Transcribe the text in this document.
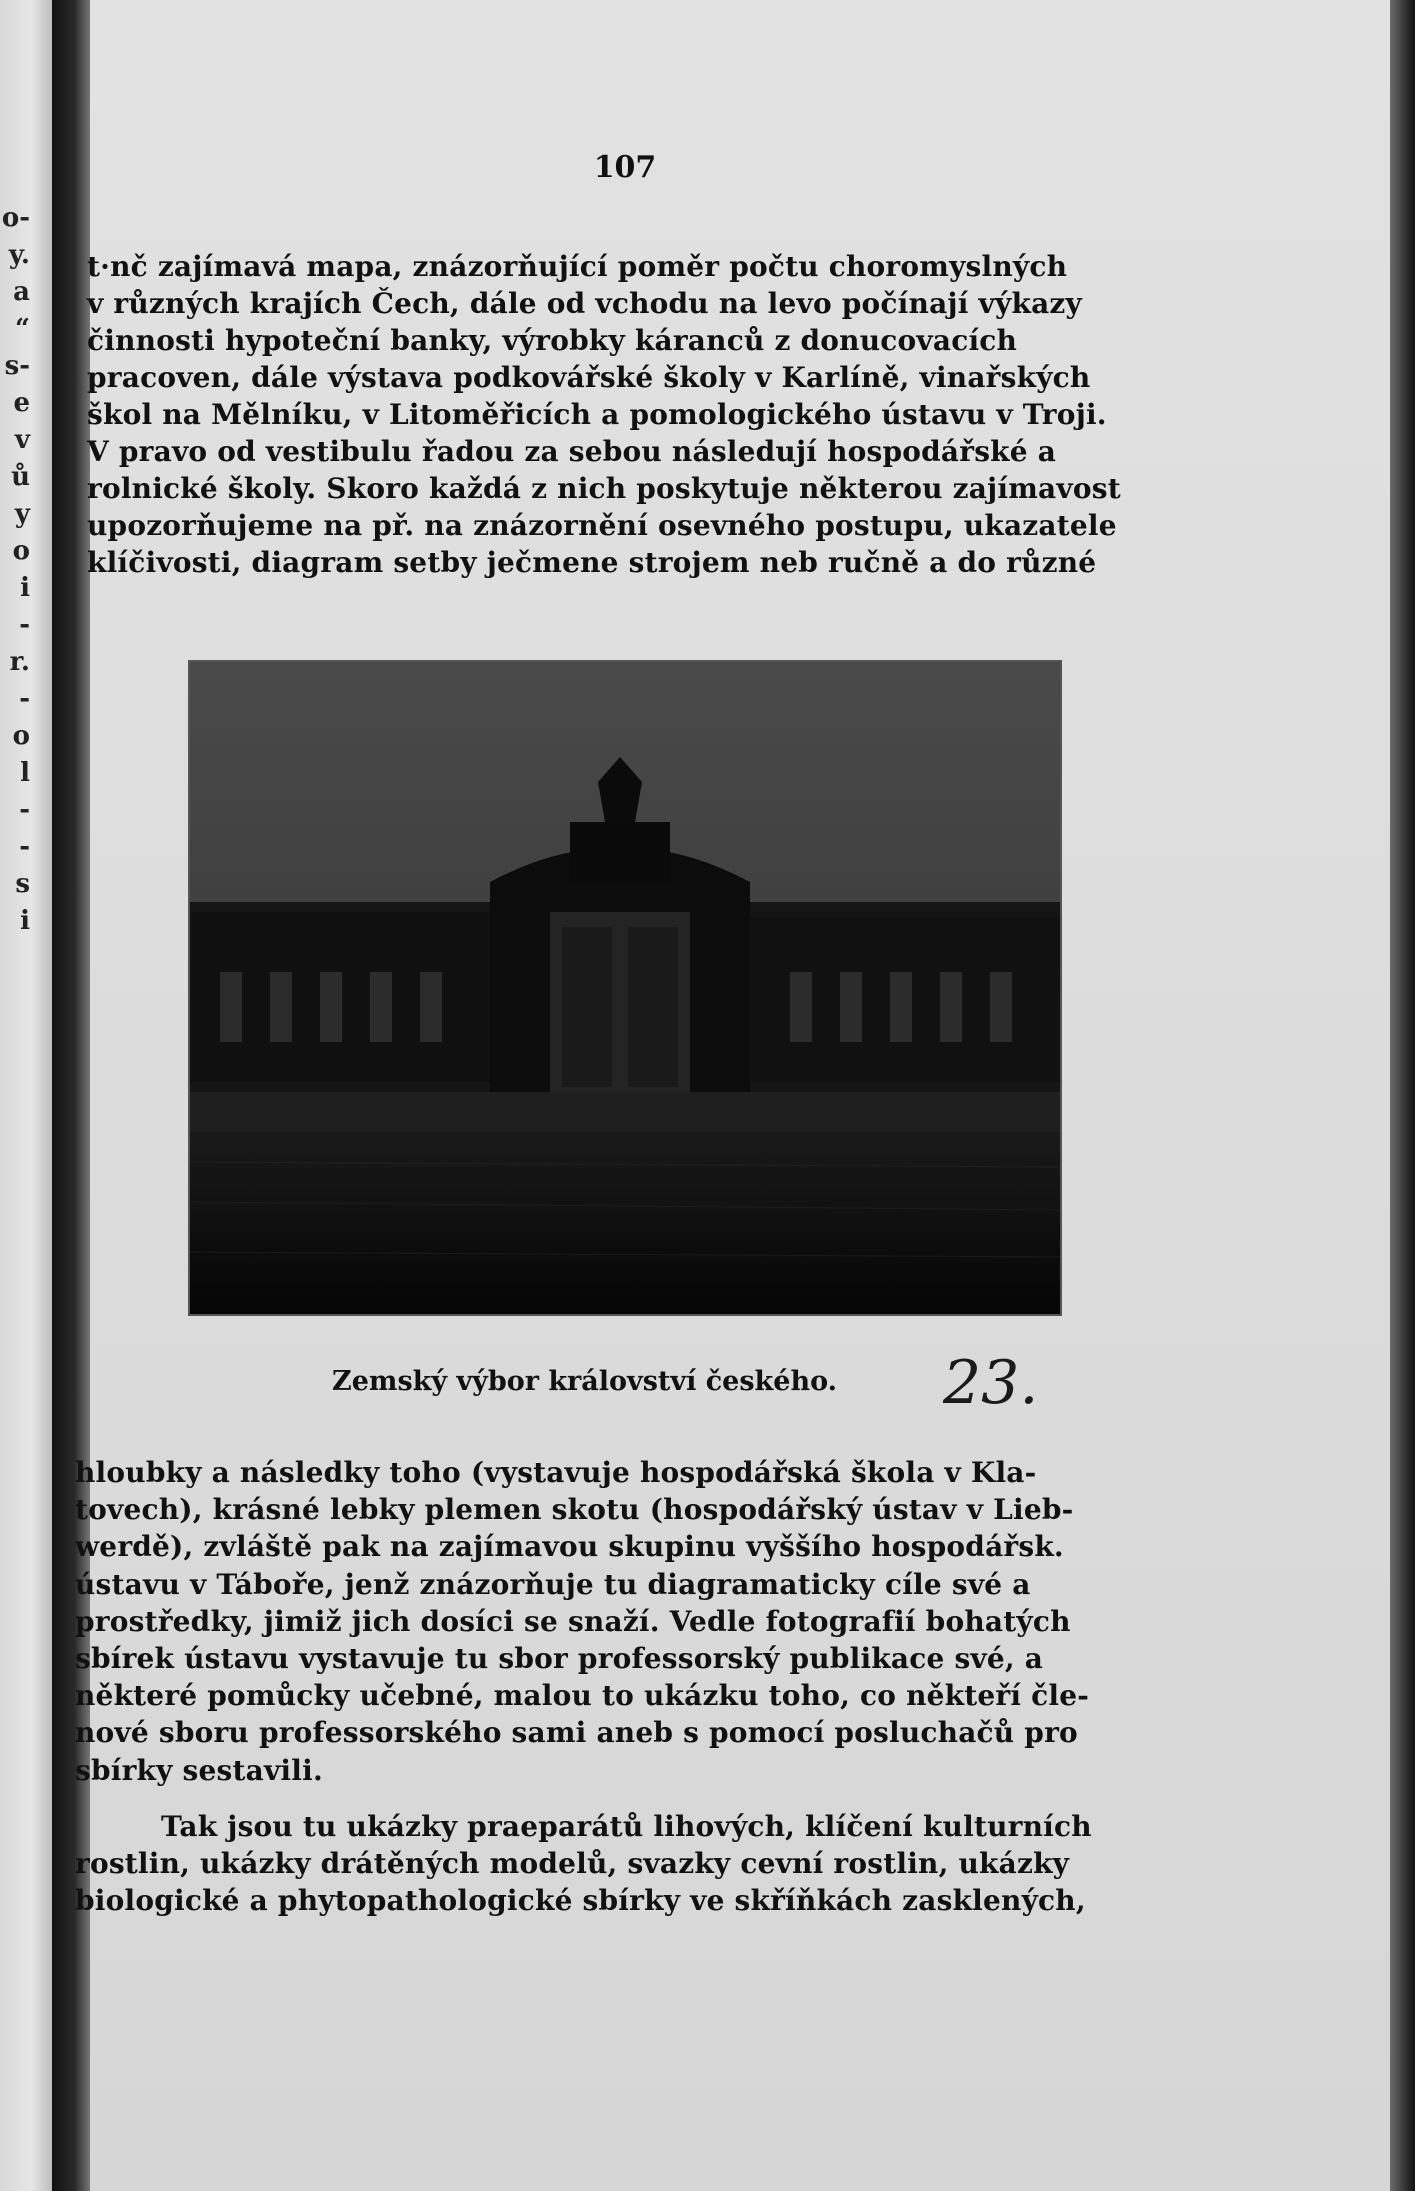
o-
y.
a
“
s-
e
v
ů
y
o
i
-
r.
-
o
l
-
-
s
i
107
t·nč zajímavá mapa, znázorňující poměr počtu choromyslných
v různých krajích Čech, dále od vchodu na levo počínají výkazy
činnosti hypoteční banky, výrobky káranců z donucovacích
pracoven, dále výstava podkovářské školy v Karlíně, vinařských
škol na Mělníku, v Litoměřicích a pomologického ústavu v Troji.
V pravo od vestibulu řadou za sebou následují hospodářské a
rolnické školy. Skoro každá z nich poskytuje některou zajímavost
upozorňujeme na př. na znázornění osevného postupu, ukazatele
klíčivosti, diagram setby ječmene strojem neb ručně a do různé
Zemský výbor království českého.	23.
hloubky a následky toho (vystavuje hospodářská škola v Kla-
tovech), krásné lebky plemen skotu (hospodářský ústav v Lieb-
werdě), zvláště pak na zajímavou skupinu vyššího hospodářsk.
ústavu v Táboře, jenž znázorňuje tu diagramaticky cíle své a
prostředky, jimiž jich dosíci se snaží. Vedle fotografií bohatých
sbírek ústavu vystavuje tu sbor professorský publikace své, a
některé pomůcky učebné, malou to ukázku toho, co někteří čle-
nové sboru professorského sami aneb s pomocí posluchačů pro
sbírky sestavili.
Tak jsou tu ukázky praeparátů lihových, klíčení kulturních
rostlin, ukázky drátěných modelů, svazky cevní rostlin, ukázky
biologické a phytopathologické sbírky ve skříňkách zasklených,
